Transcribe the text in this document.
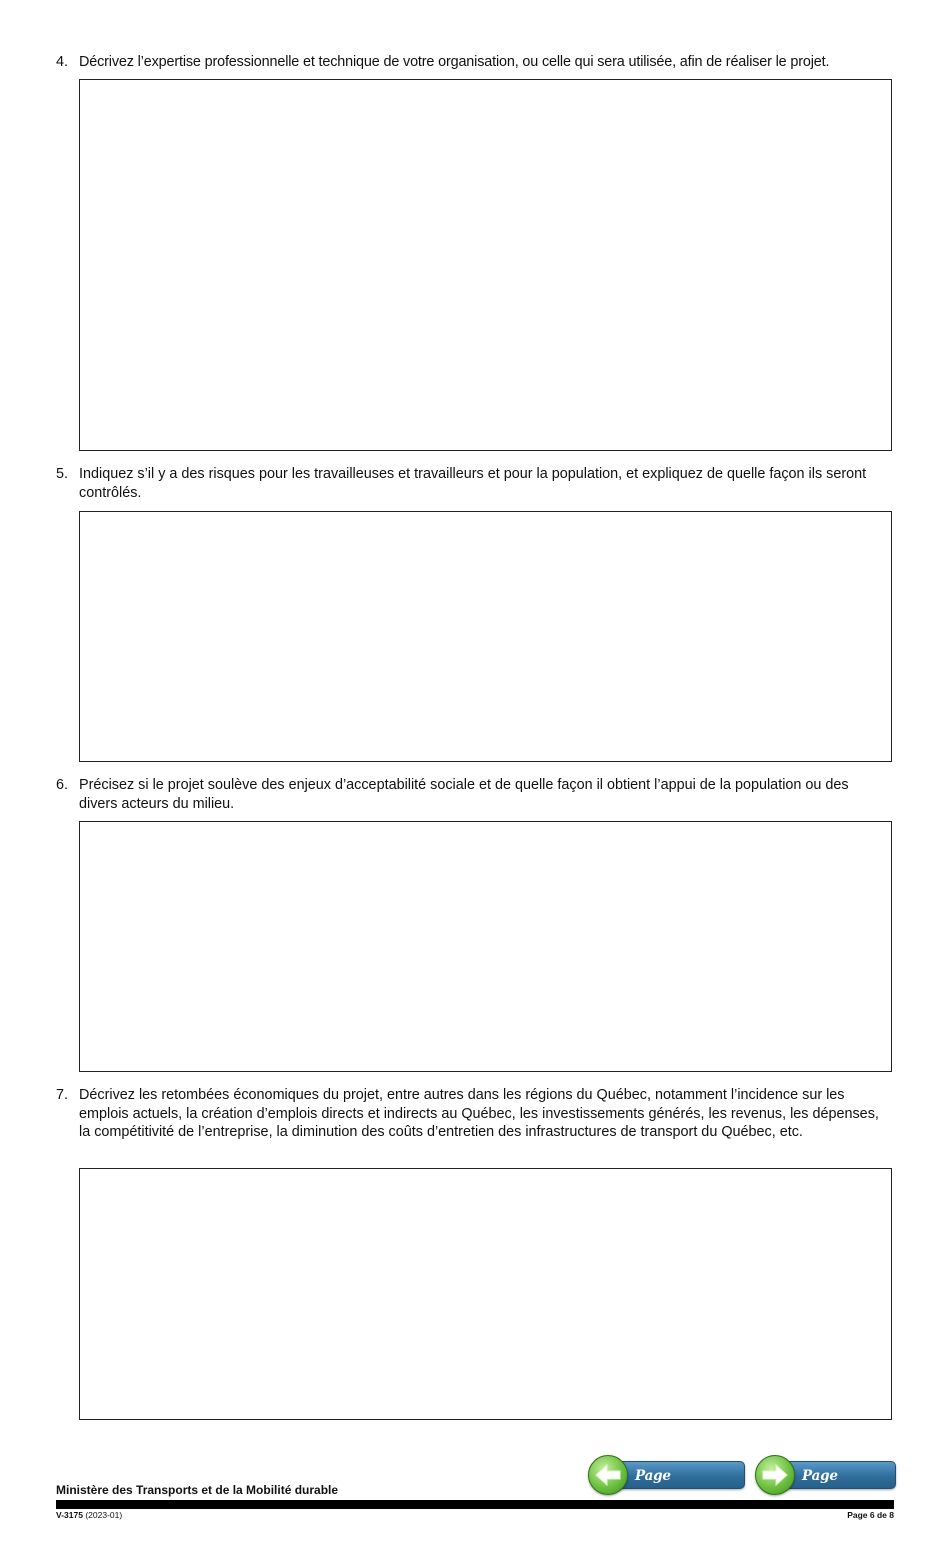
4. Décrivez l’expertise professionnelle et technique de votre organisation, ou celle qui sera utilisée, afin de réaliser le projet.
5. Indiquez s’il y a des risques pour les travailleuses et travailleurs et pour la population, et expliquez de quelle façon ils seront contrôlés.
6. Précisez si le projet soulève des enjeux d’acceptabilité sociale et de quelle façon il obtient l’appui de la population ou des divers acteurs du milieu.
7. Décrivez les retombées économiques du projet, entre autres dans les régions du Québec, notamment l’incidence sur les emplois actuels, la création d’emplois directs et indirects au Québec, les investissements générés, les revenus, les dépenses, la compétitivité de l’entreprise, la diminution des coûts d’entretien des infrastructures de transport du Québec, etc.
Page	Page
Ministère des Transports et de la Mobilité durable
V-3175 (2023-01)	Page 6 de 8
